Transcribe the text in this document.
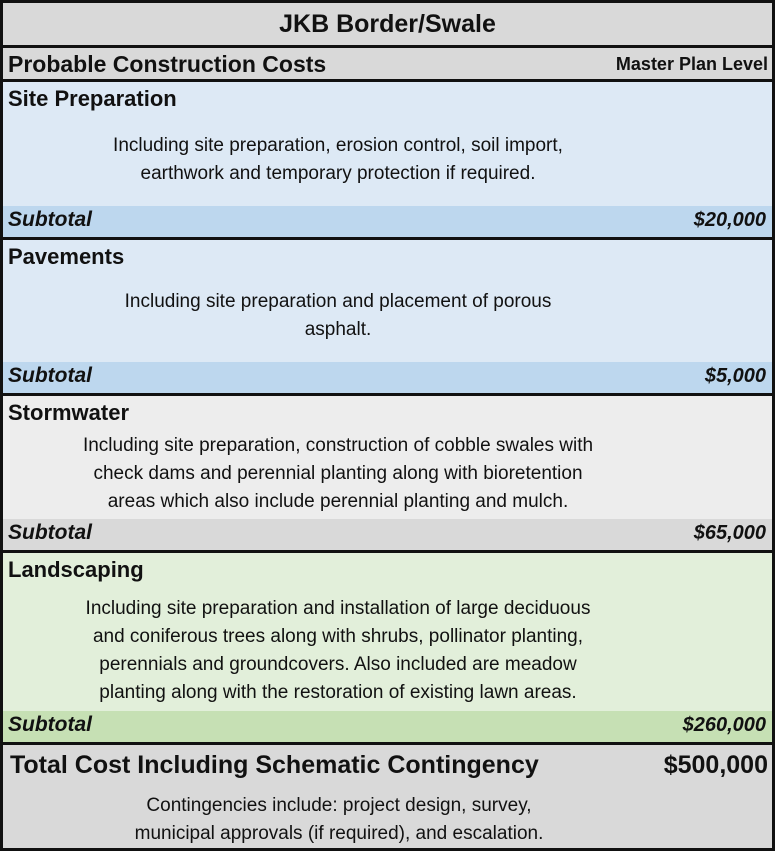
JKB Border/Swale
Probable Construction Costs	Master Plan Level
Site Preparation
Including site preparation, erosion control, soil import,
earthwork and temporary protection if required.
Subtotal	$20,000
Pavements
Including site preparation and placement of porous
asphalt.
Subtotal	$5,000
Stormwater
Including site preparation, construction of cobble swales with
check dams and perennial planting along with bioretention
areas which also include perennial planting and mulch.
Subtotal	$65,000
Landscaping
Including site preparation and installation of large deciduous
and coniferous trees along with shrubs, pollinator planting,
perennials and groundcovers. Also included are meadow
planting along with the restoration of existing lawn areas.
Subtotal	$260,000
Total Cost Including Schematic Contingency	$500,000
Contingencies include: project design, survey,
municipal approvals (if required), and escalation.
